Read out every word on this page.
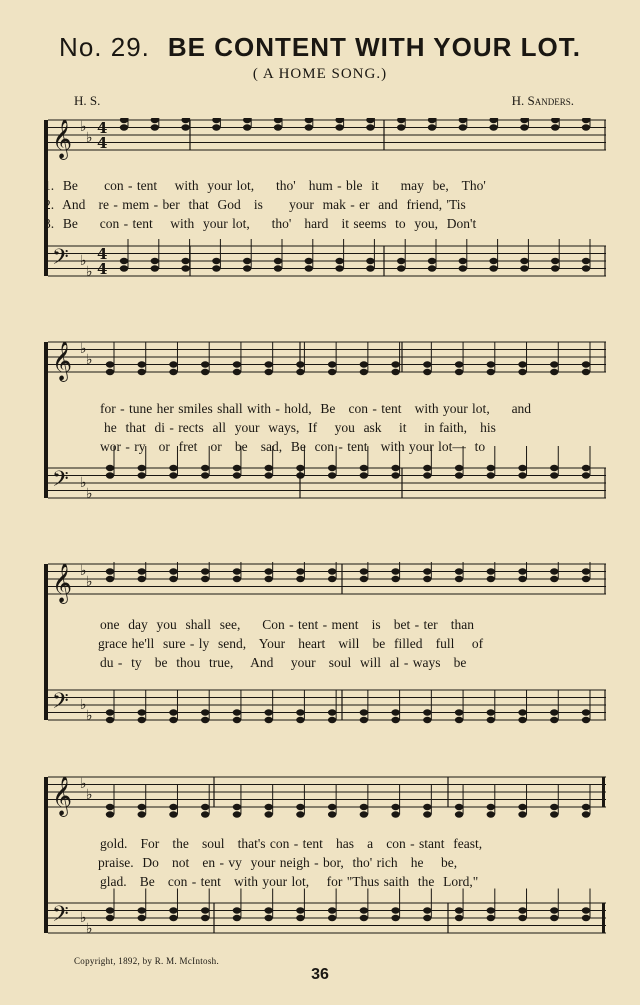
No. 29. BE CONTENT WITH YOUR LOT.
( A HOME SONG.)
H. S.	H. Sanders.
𝄞 ♭
♭
4
4
𝄢 ♭
♭
4
4
1.  Be      con - tent    with  your lot,     tho'   hum - ble  it     may  be,   Tho'
2.  And   re - mem - ber  that  God   is      your  mak - er  and  friend, 'Tis
3.  Be     con - tent    with  your lot,     tho'   hard   it seems  to  you,  Don't
𝄞 ♭
♭
𝄢 ♭
♭
for - tune her smiles shall with - hold,  Be   con - tent   with your lot,     and
he  that  di - rects  all  your  ways,  If    you  ask    it    in faith,   his
wor - ry   or  fret   or   be   sad,  Be  con - tent   with your lot—  to
𝄞 ♭
♭
𝄢 ♭
♭
one  day  you  shall  see,     Con - tent - ment   is   bet - ter   than
grace he'll  sure - ly  send,   Your   heart   will   be  filled   full    of
du -  ty   be  thou  true,    And    your   soul  will  al - ways   be
𝄞 ♭
♭
𝄢 ♭
♭
gold.   For   the   soul   that's con - tent   has   a   con - stant  feast,
praise.  Do   not   en - vy  your neigh - bor,  tho' rich   he    be,
glad.   Be   con - tent   with your lot,    for "Thus saith  the  Lord,"
Copyright, 1892, by R. M. McIntosh.
36
